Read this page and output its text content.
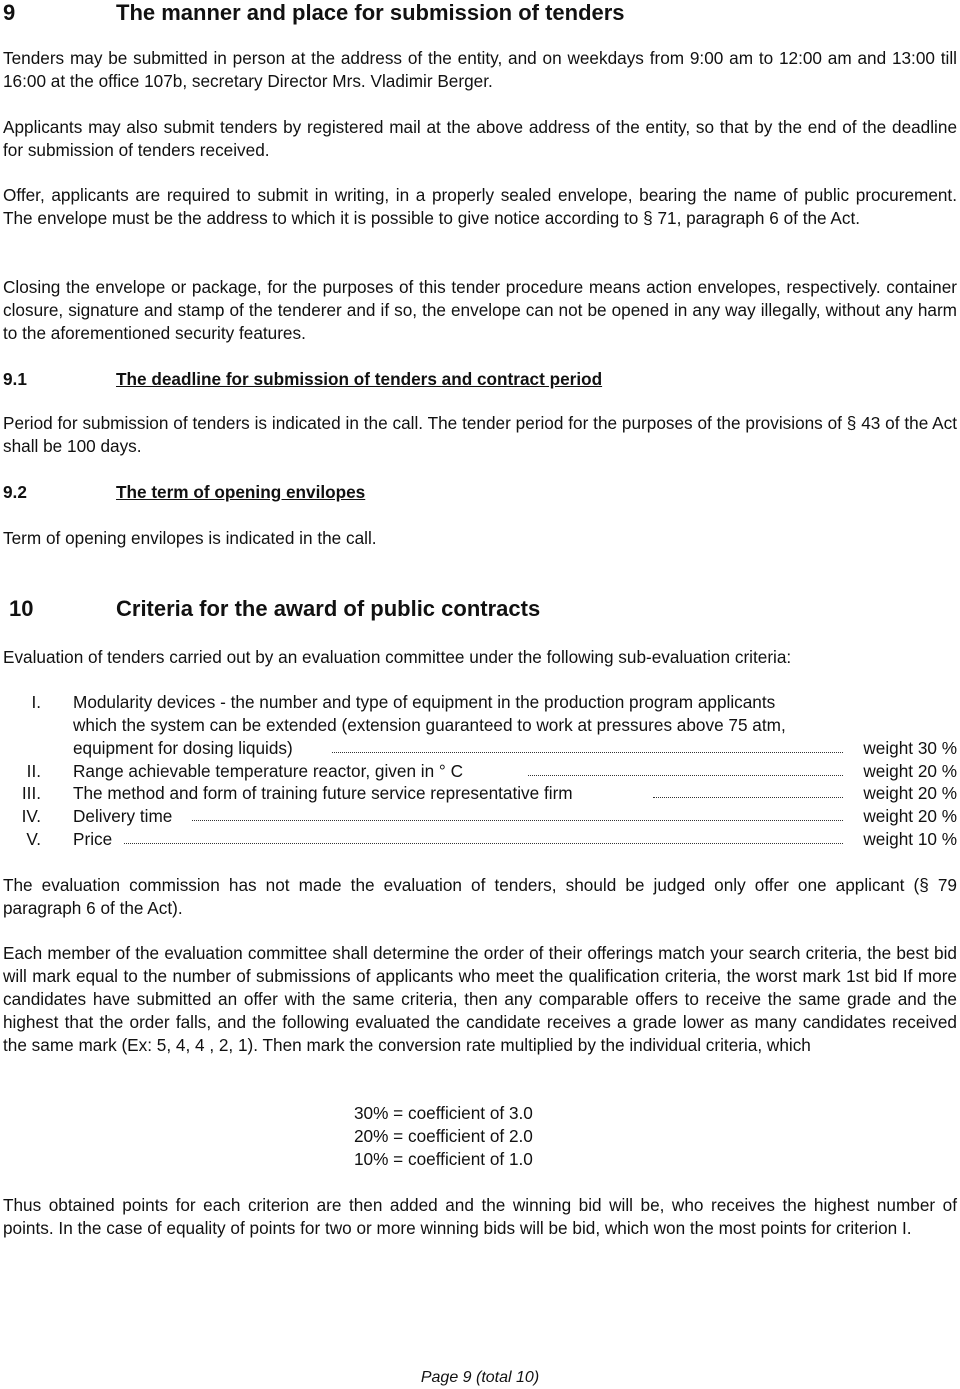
9	The manner and place for submission of tenders

Tenders may be submitted in person at the address of the entity, and on weekdays from 9:00 am to 12:00 am and 13:00 till 16:00 at the office 107b, secretary Director Mrs. Vladimir Berger.

Applicants may also submit tenders by registered mail at the above address of the entity, so that by the end of the deadline for submission of tenders received.

Offer, applicants are required to submit in writing, in a properly sealed envelope, bearing the name of public procurement. The envelope must be the address to which it is possible to give notice according to § 71, paragraph 6 of the Act.

Closing the envelope or package, for the purposes of this tender procedure means action envelopes, respectively. container closure, signature and stamp of the tenderer and if so, the envelope can not be opened in any way illegally, without any harm to the aforementioned security features.

9.1	The deadline for submission of tenders and contract period

Period for submission of tenders is indicated in the call. The tender period for the purposes of the provisions of § 43 of the Act shall be 100 days.

9.2	The term of opening envilopes

Term of opening envilopes is indicated in the call.

10	Criteria for the award of public contracts

Evaluation of tenders carried out by an evaluation committee under the following sub-evaluation criteria:

I. Modularity devices - the number and type of equipment in the production program applicants
which the system can be extended (extension guaranteed to work at pressures above 75 atm,
equipment for dosing liquids)	weight 30 %
II. Range achievable temperature reactor, given in ° C	weight 20 %
III. The method and form of training future service representative firm	weight 20 %
IV. Delivery time	weight 20 %
V. Price	weight 10 %

The evaluation commission has not made the evaluation of tenders, should be judged only offer one applicant (§ 79 paragraph 6 of the Act).

Each member of the evaluation committee shall determine the order of their offerings match your search criteria, the best bid will mark equal to the number of submissions of applicants who meet the qualification criteria, the worst mark 1st bid If more candidates have submitted an offer with the same criteria, then any comparable offers to receive the same grade and the highest that the order falls, and the following evaluated the candidate receives a grade lower as many candidates received the same mark (Ex: 5, 4, 4 , 2, 1). Then mark the conversion rate multiplied by the individual criteria, which

30% = coefficient of 3.0
20% = coefficient of 2.0
10% = coefficient of 1.0

Thus obtained points for each criterion are then added and the winning bid will be, who receives the highest number of points. In the case of equality of points for two or more winning bids will be bid, which won the most points for criterion I.

Page 9 (total 10)
